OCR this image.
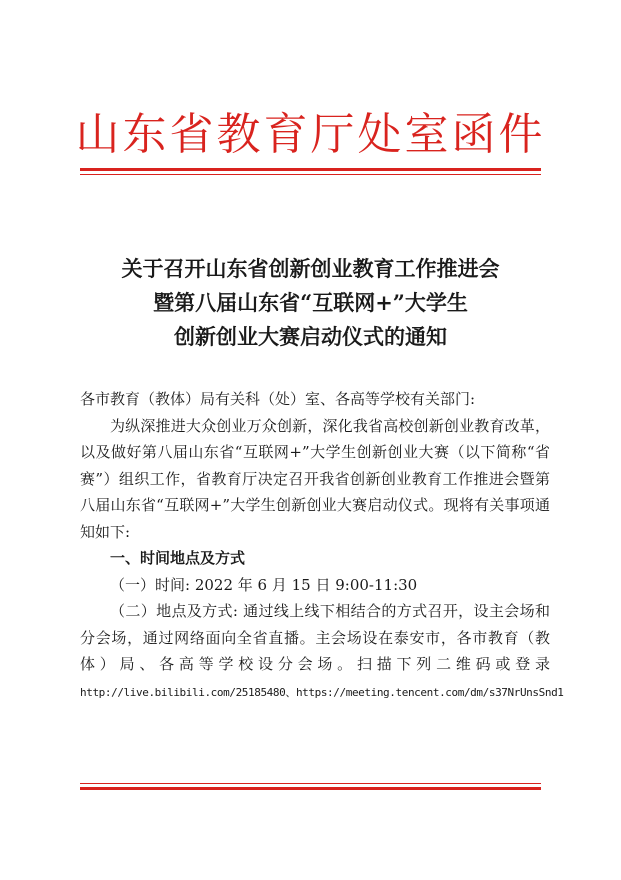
山东省教育厅处室函件
关于召开山东省创新创业教育工作推进会
暨第八届山东省“互联网+”大学生
创新创业大赛启动仪式的通知

各市教育（教体）局有关科（处）室、各高等学校有关部门:

为纵深推进大众创业万众创新，深化我省高校创新创业教育改革，以及做好第八届山东省“互联网+”大学生创新创业大赛（以下简称“省赛”）组织工作，省教育厅决定召开我省创新创业教育工作推进会暨第八届山东省“互联网+”大学生创新创业大赛启动仪式。现将有关事项通知如下:

一、时间地点及方式

（一）时间: 2022 年 6 月 15 日 9:00-11:30

（二）地点及方式: 通过线上线下相结合的方式召开，设主会场和分会场，通过网络面向全省直播。主会场设在泰安市，各市教育（教体）局、各高等学校设分会场。扫描下列二维码或登录http://live.bilibili.com/25185480、https://meeting.tencent.com/dm/s37NrUnsSnd1
